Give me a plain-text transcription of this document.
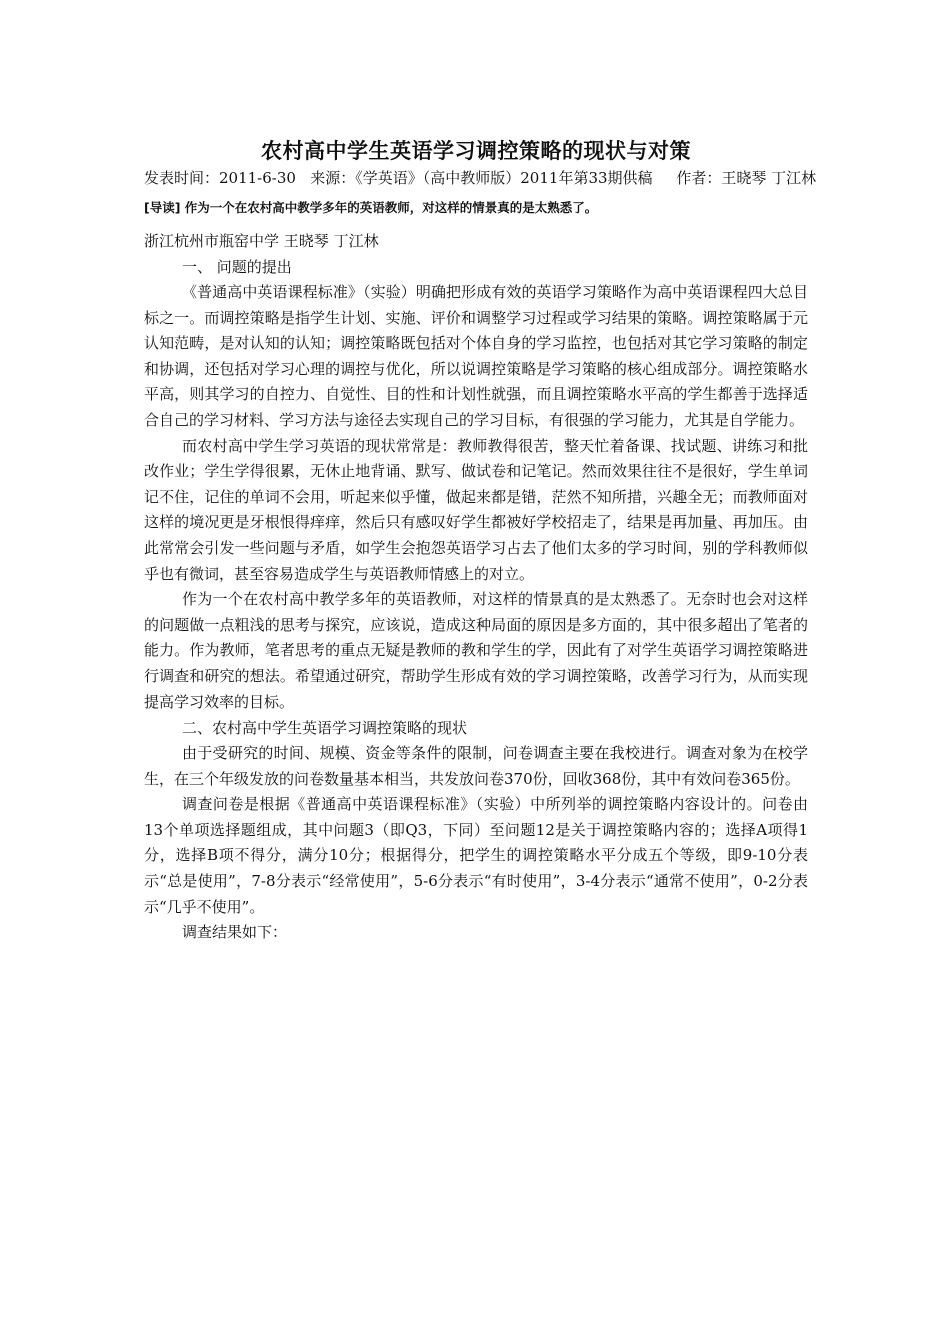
农村高中学生英语学习调控策略的现状与对策

发表时间：2011-6-30 来源：《学英语》（高中教师版）2011年第33期供稿 作者：王晓琴 丁江林

[导读] 作为一个在农村高中教学多年的英语教师，对这样的情景真的是太熟悉了。

浙江杭州市瓶窑中学 王晓琴 丁江林

一、 问题的提出

《普通高中英语课程标准》（实验）明确把形成有效的英语学习策略作为高中英语课程四大总目标之一。而调控策略是指学生计划、实施、评价和调整学习过程或学习结果的策略。调控策略属于元认知范畴，是对认知的认知；调控策略既包括对个体自身的学习监控，也包括对其它学习策略的制定和协调，还包括对学习心理的调控与优化，所以说调控策略是学习策略的核心组成部分。调控策略水平高，则其学习的自控力、自觉性、目的性和计划性就强，而且调控策略水平高的学生都善于选择适合自己的学习材料、学习方法与途径去实现自己的学习目标，有很强的学习能力，尤其是自学能力。

而农村高中学生学习英语的现状常常是：教师教得很苦，整天忙着备课、找试题、讲练习和批改作业；学生学得很累，无休止地背诵、默写、做试卷和记笔记。然而效果往往不是很好，学生单词记不住，记住的单词不会用，听起来似乎懂，做起来都是错，茫然不知所措，兴趣全无；而教师面对这样的境况更是牙根恨得痒痒，然后只有感叹好学生都被好学校招走了，结果是再加量、再加压。由此常常会引发一些问题与矛盾，如学生会抱怨英语学习占去了他们太多的学习时间，别的学科教师似乎也有微词，甚至容易造成学生与英语教师情感上的对立。

作为一个在农村高中教学多年的英语教师，对这样的情景真的是太熟悉了。无奈时也会对这样的问题做一点粗浅的思考与探究，应该说，造成这种局面的原因是多方面的，其中很多超出了笔者的能力。作为教师，笔者思考的重点无疑是教师的教和学生的学，因此有了对学生英语学习调控策略进行调查和研究的想法。希望通过研究，帮助学生形成有效的学习调控策略，改善学习行为，从而实现提高学习效率的目标。

二、农村高中学生英语学习调控策略的现状

由于受研究的时间、规模、资金等条件的限制，问卷调查主要在我校进行。调查对象为在校学生，在三个年级发放的问卷数量基本相当，共发放问卷370份，回收368份，其中有效问卷365份。

调查问卷是根据《普通高中英语课程标准》（实验）中所列举的调控策略内容设计的。问卷由13个单项选择题组成，其中问题3（即Q3，下同）至问题12是关于调控策略内容的；选择A项得1分，选择B项不得分，满分10分；根据得分，把学生的调控策略水平分成五个等级，即9-10分表示“总是使用”，7-8分表示“经常使用”，5-6分表示“有时使用”，3-4分表示“通常不使用”，0-2分表示“几乎不使用”。

调查结果如下：
